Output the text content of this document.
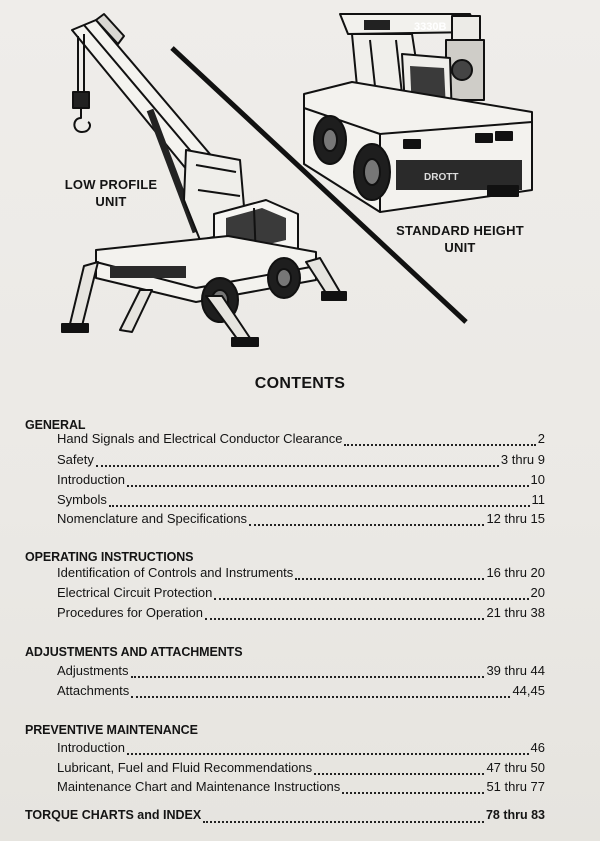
3330B
DROTT
LOW PROFILE
UNIT
STANDARD HEIGHT
UNIT
CONTENTS
GENERAL
Hand Signals and Electrical Conductor Clearance	2
Safety	3 thru 9
Introduction	10
Symbols	11
Nomenclature and Specifications	12 thru 15
OPERATING INSTRUCTIONS
Identification of Controls and Instruments	16 thru 20
Electrical Circuit Protection	20
Procedures for Operation	21 thru 38
ADJUSTMENTS AND ATTACHMENTS
Adjustments	39 thru 44
Attachments	44,45
PREVENTIVE MAINTENANCE
Introduction	46
Lubricant, Fuel and Fluid Recommendations	47 thru 50
Maintenance Chart and Maintenance Instructions	51 thru 77
TORQUE CHARTS and INDEX	78 thru 83
